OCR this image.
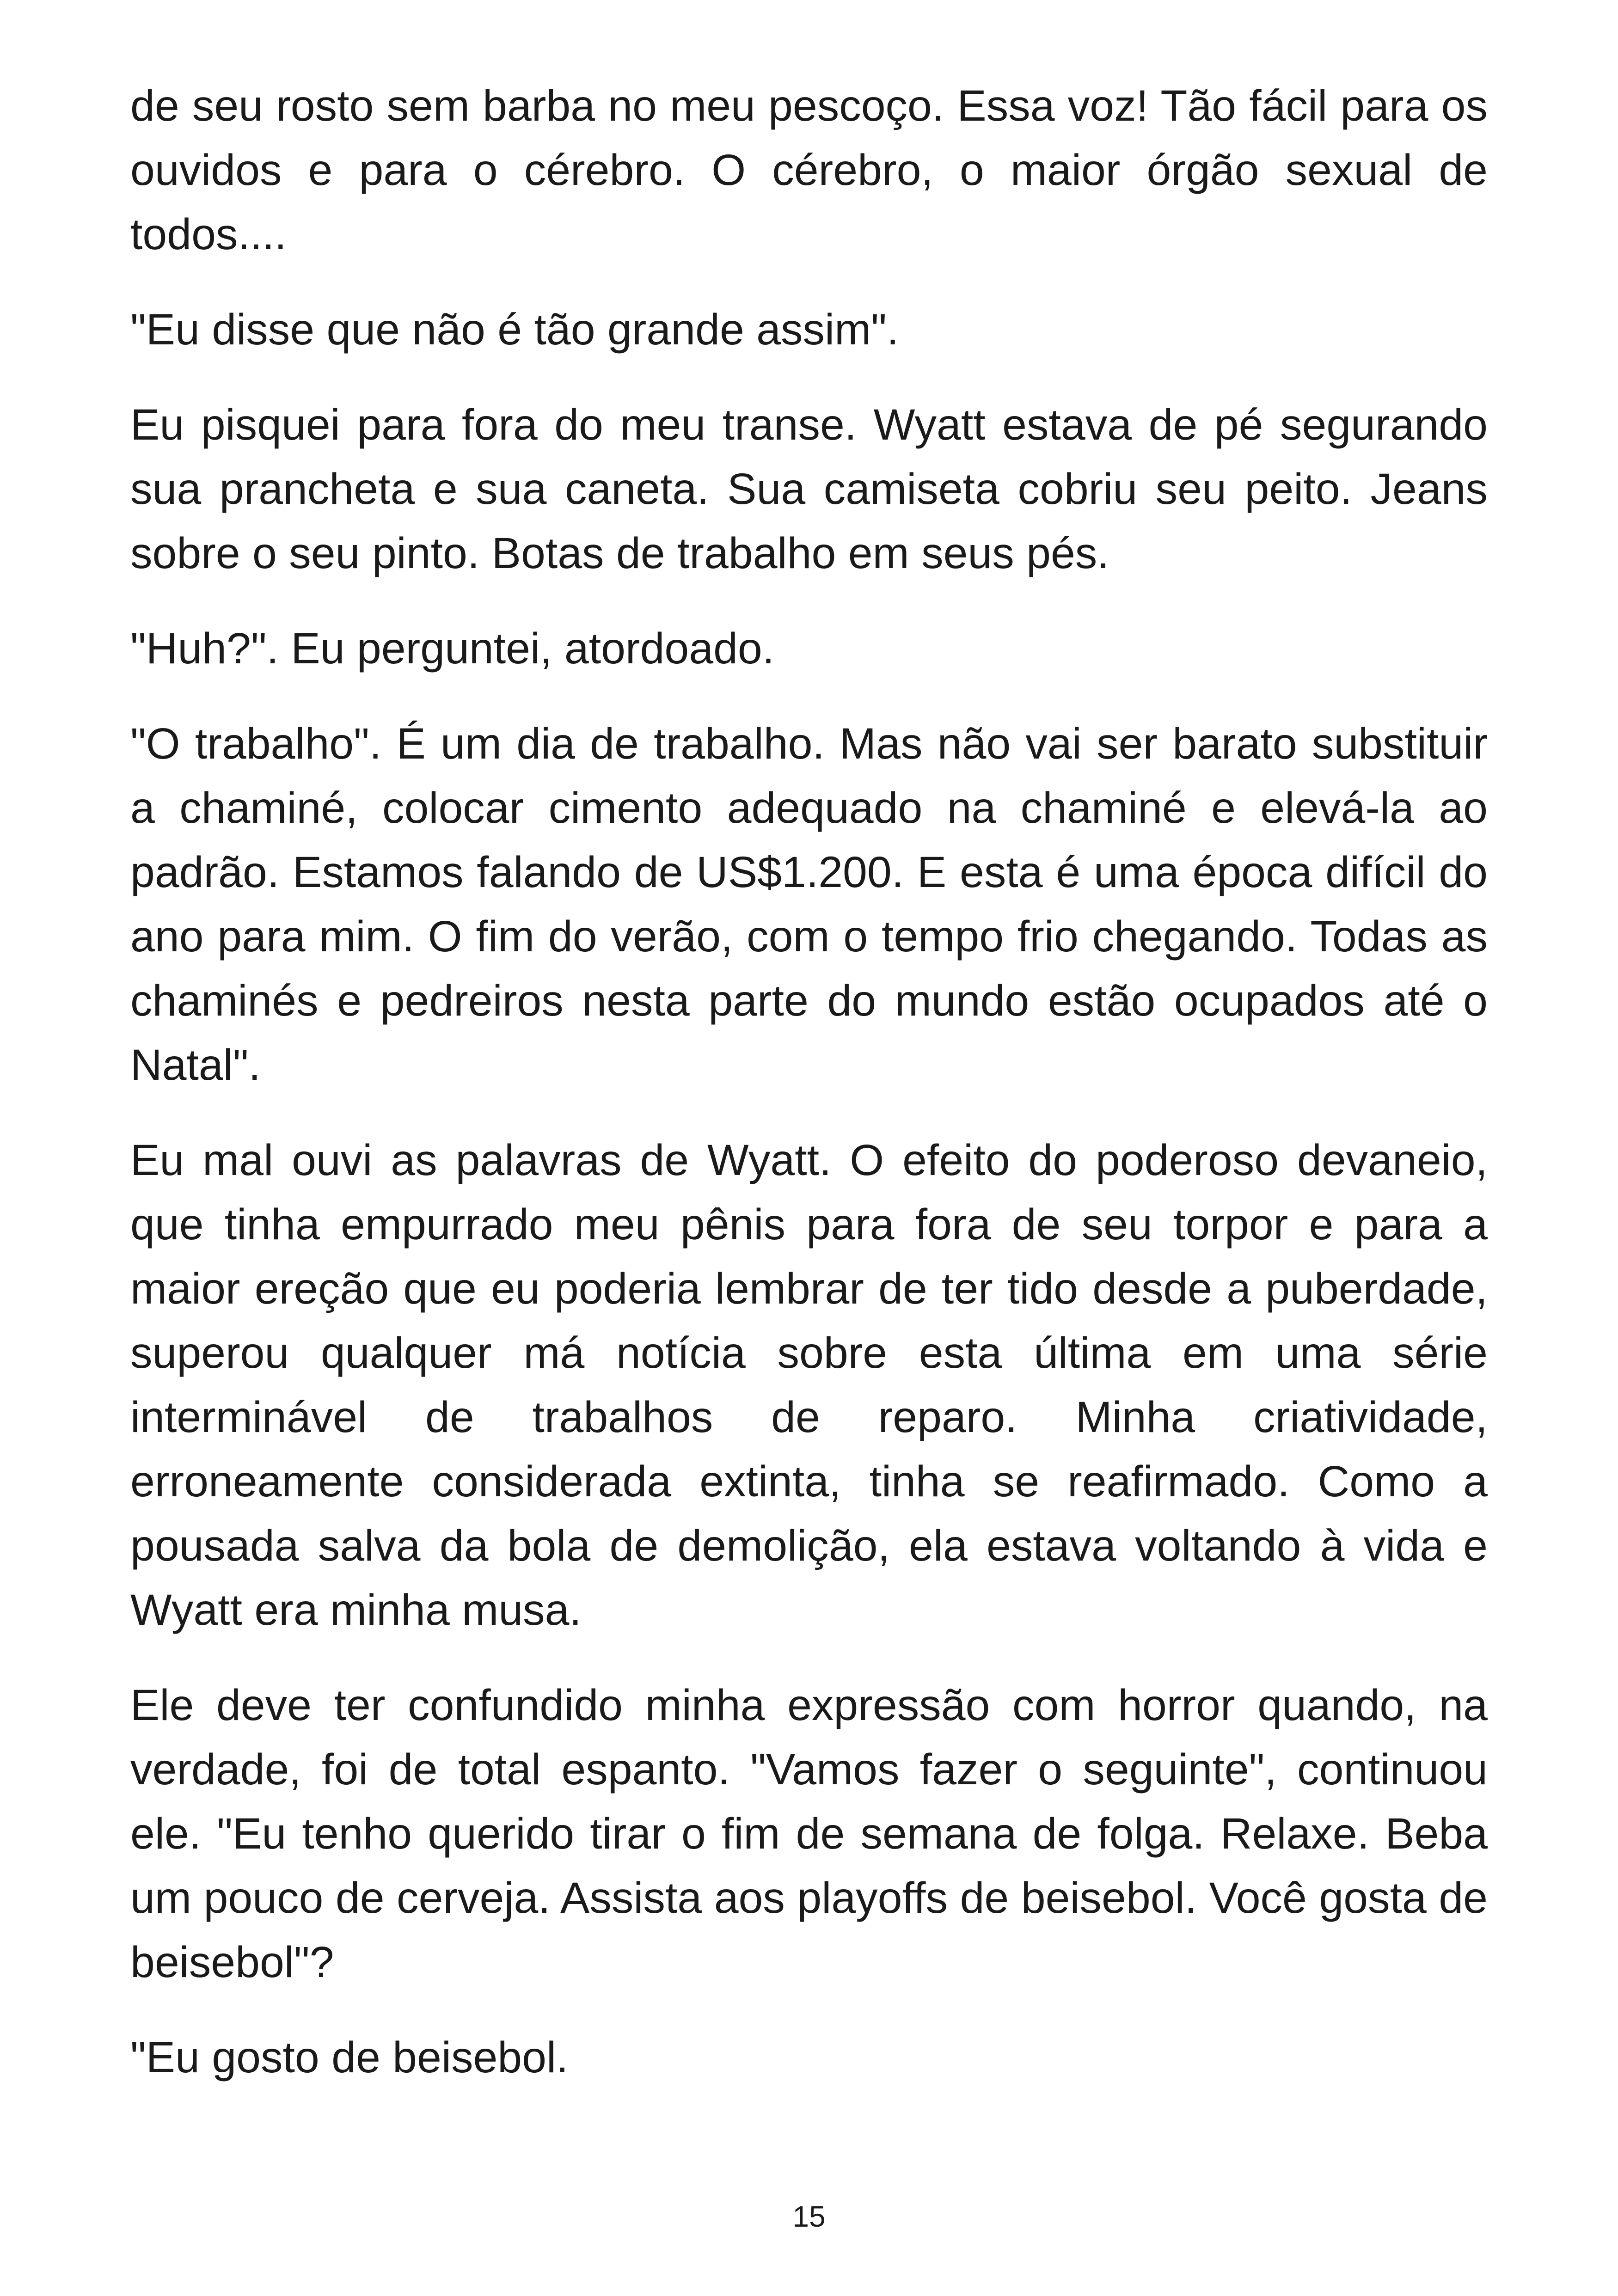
de seu rosto sem barba no meu pescoço. Essa voz! Tão fácil para os ouvidos e para o cérebro. O cérebro, o maior órgão sexual de todos....

"Eu disse que não é tão grande assim".

Eu pisquei para fora do meu transe. Wyatt estava de pé segurando sua prancheta e sua caneta. Sua camiseta cobriu seu peito. Jeans sobre o seu pinto. Botas de trabalho em seus pés.

"Huh?". Eu perguntei, atordoado.

"O trabalho". É um dia de trabalho. Mas não vai ser barato substituir a chaminé, colocar cimento adequado na chaminé e elevá-la ao padrão. Estamos falando de US$1.200. E esta é uma época difícil do ano para mim. O fim do verão, com o tempo frio chegando. Todas as chaminés e pedreiros nesta parte do mundo estão ocupados até o Natal".

Eu mal ouvi as palavras de Wyatt. O efeito do poderoso devaneio, que tinha empurrado meu pênis para fora de seu torpor e para a maior ereção que eu poderia lembrar de ter tido desde a puberdade, superou qualquer má notícia sobre esta última em uma série interminável de trabalhos de reparo. Minha criatividade, erroneamente considerada extinta, tinha se reafirmado. Como a pousada salva da bola de demolição, ela estava voltando à vida e Wyatt era minha musa.

Ele deve ter confundido minha expressão com horror quando, na verdade, foi de total espanto. "Vamos fazer o seguinte", continuou ele. "Eu tenho querido tirar o fim de semana de folga. Relaxe. Beba um pouco de cerveja. Assista aos playoffs de beisebol. Você gosta de beisebol"?

"Eu gosto de beisebol.

15
